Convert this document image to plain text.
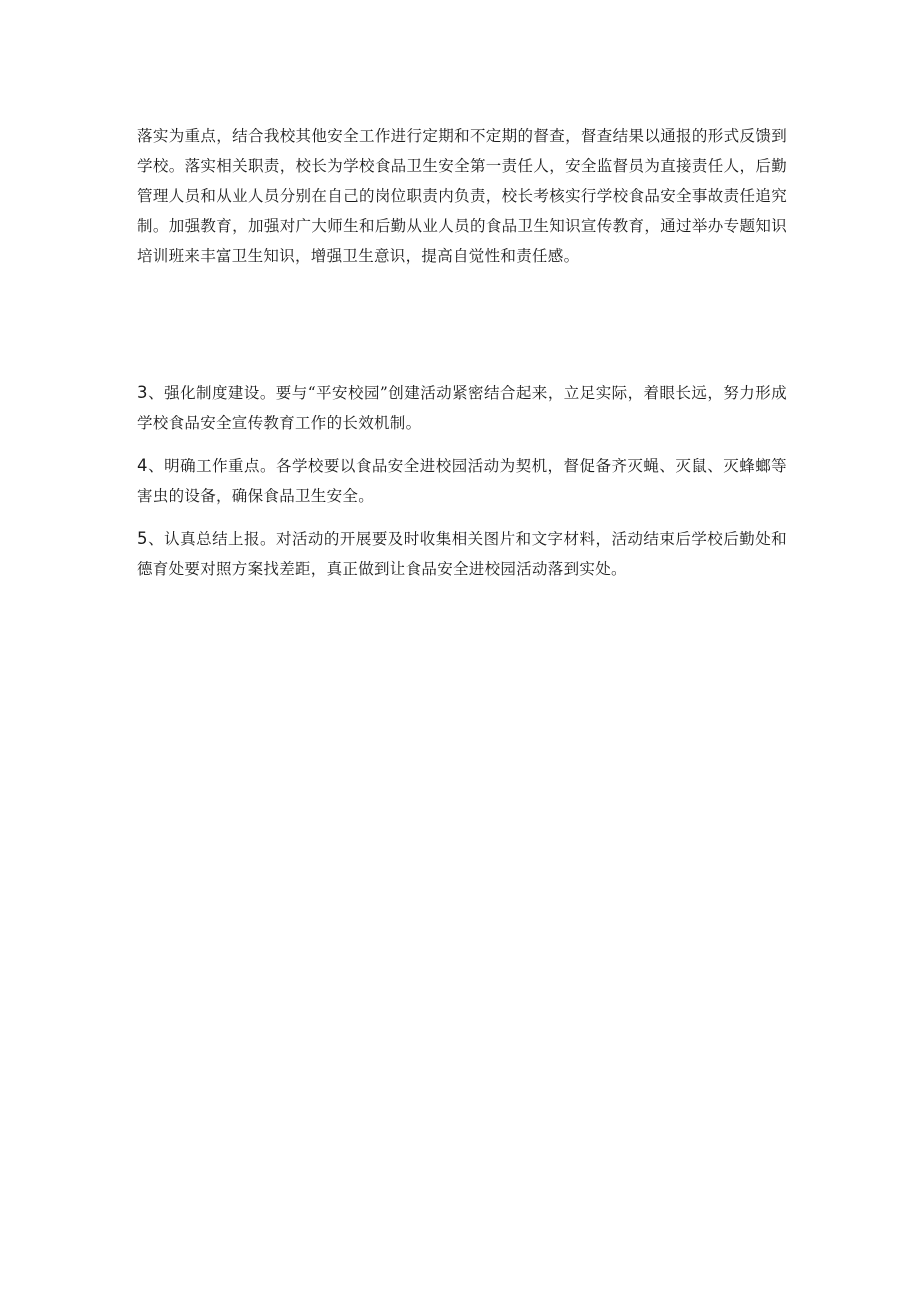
落实为重点，结合我校其他安全工作进行定期和不定期的督查，督查结果以通报的形式反馈到学校。落实相关职责，校长为学校食品卫生安全第一责任人，安全监督员为直接责任人，后勤管理人员和从业人员分别在自己的岗位职责内负责，校长考核实行学校食品安全事故责任追究制。加强教育，加强对广大师生和后勤从业人员的食品卫生知识宣传教育，通过举办专题知识培训班来丰富卫生知识，增强卫生意识，提高自觉性和责任感。

3、强化制度建设。要与“平安校园”创建活动紧密结合起来，立足实际，着眼长远，努力形成学校食品安全宣传教育工作的长效机制。

4、明确工作重点。各学校要以食品安全进校园活动为契机，督促备齐灭蝇、灭鼠、灭蜂螂等害虫的设备，确保食品卫生安全。

5、认真总结上报。对活动的开展要及时收集相关图片和文字材料，活动结束后学校后勤处和德育处要对照方案找差距，真正做到让食品安全进校园活动落到实处。
